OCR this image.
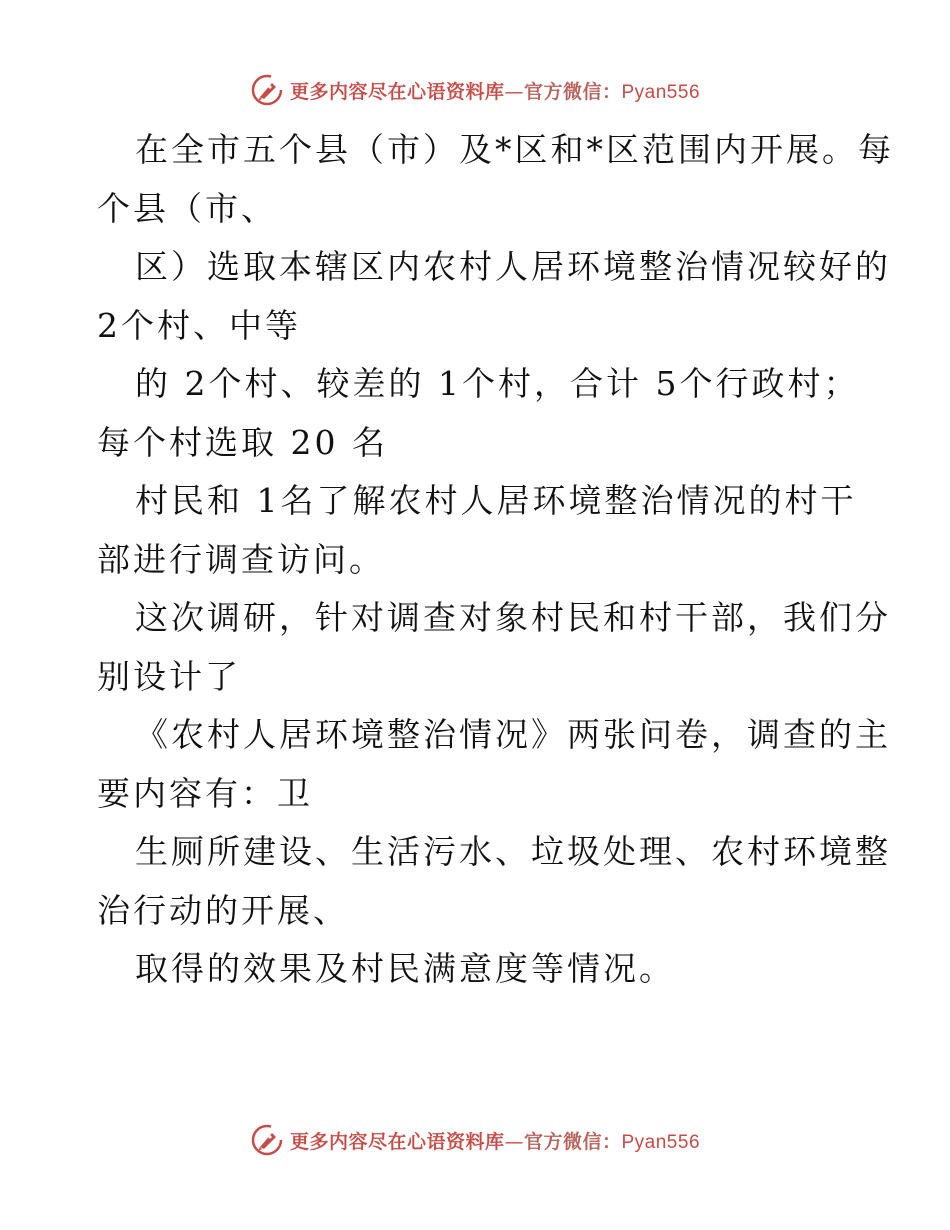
更多内容尽在心语资料库—官方微信：Pyan556
在全市五个县（市）及*区和*区范围内开展。每
个县（市、
区）选取本辖区内农村人居环境整治情况较好的
2个村、中等
的 2个村、较差的 1个村，合计 5个行政村；
每个村选取 20 名
村民和 1名了解农村人居环境整治情况的村干
部进行调查访问。
这次调研，针对调查对象村民和村干部，我们分
别设计了
《农村人居环境整治情况》两张问卷，调查的主
要内容有：卫
生厕所建设、生活污水、垃圾处理、农村环境整
治行动的开展、
取得的效果及村民满意度等情况。
更多内容尽在心语资料库—官方微信：Pyan556
